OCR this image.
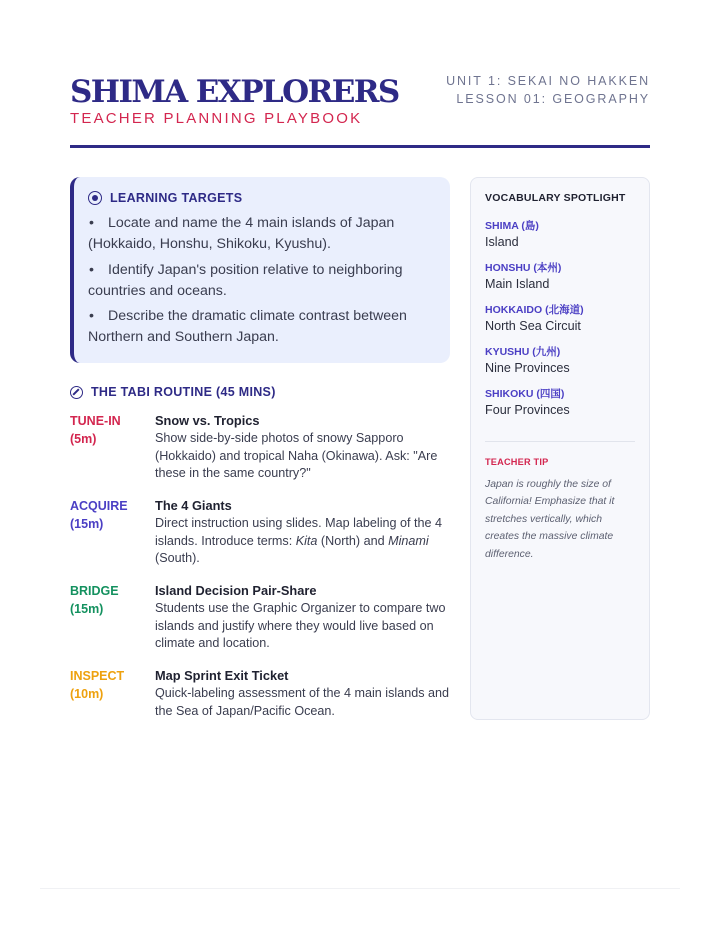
SHIMA EXPLORERS
TEACHER PLANNING PLAYBOOK
UNIT 1: SEKAI NO HAKKEN
LESSON 01: GEOGRAPHY
LEARNING TARGETS
• Locate and name the 4 main islands of Japan (Hokkaido, Honshu, Shikoku, Kyushu).
• Identify Japan's position relative to neighboring countries and oceans.
• Describe the dramatic climate contrast between Northern and Southern Japan.
THE TABI ROUTINE (45 MINS)
TUNE-IN
(5m)
Snow vs. Tropics
Show side-by-side photos of snowy Sapporo (Hokkaido) and tropical Naha (Okinawa). Ask: "Are these in the same country?"
ACQUIRE
(15m)
The 4 Giants
Direct instruction using slides. Map labeling of the 4 islands. Introduce terms: Kita (North) and Minami (South).
BRIDGE
(15m)
Island Decision Pair-Share
Students use the Graphic Organizer to compare two islands and justify where they would live based on climate and location.
INSPECT
(10m)
Map Sprint Exit Ticket
Quick-labeling assessment of the 4 main islands and the Sea of Japan/Pacific Ocean.
VOCABULARY SPOTLIGHT
SHIMA (島)
Island
HONSHU (本州)
Main Island
HOKKAIDO (北海道)
North Sea Circuit
KYUSHU (九州)
Nine Provinces
SHIKOKU (四国)
Four Provinces
TEACHER TIP
Japan is roughly the size of California! Emphasize that it stretches vertically, which creates the massive climate difference.
